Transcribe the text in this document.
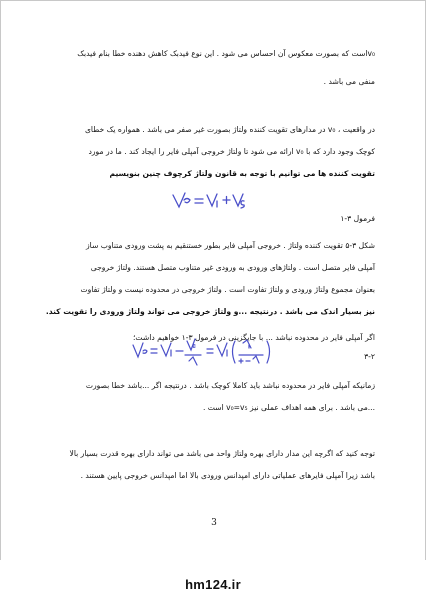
v₀است که بصورت معکوس آن احساس می شود . این نوع فیدبک کاهش دهنده خطا بنام فیدبک
منفی می باشد .
در واقعیت ، v₀ در مدارهای تقویت کننده ولتاژ بصورت غیر صفر می باشد . همواره یک خطای
کوچک وجود دارد که با v₀ ارائه می شود تا ولتاژ خروجی آمپلی فایر را ایجاد کند . ما در مورد
تقویت کننده ها می توانیم با توجه به قانون ولتاژ کرچوف چنین بنویسیم
فرمول ۳-۱
شکل ۳-۵ تقویت کننده ولتاژ . خروجی آمپلی فایر بطور خستنقیم به پشت ورودی متناوب ساز
آمپلی فایر متصل است . ولتاژهای ورودی به ورودی غیر متناوب متصل هستند. ولتاژ خروجی
بعنوان مجموع ولتاژ ورودی و ولتاژ تفاوت است . ولتاژ خروجی در محدوده نیست و ولتاژ تفاوت
نیز بسیار اندک می باشد . درنتیجه ...و ولتاژ خروجی می تواند ولتاژ ورودی را تقویت کند.
اگر آمپلی فایر در محدوده نباشد ... با جایگزینی در فرمول ۳-۱ خواهیم داشت؛
۳-۲
زمانیکه آمپلی فایر در محدوده نباشد باید کاملا کوچک باشد . درنتیجه اگر ...باشد خطا بصورت
...می باشد . برای همه اهداف عملی نیز v₀=v₅ است .
توجه کنید که اگرچه این مدار دارای بهره ولتاژ واحد می باشد می تواند دارای بهره قدرت بسیار بالا
باشد زیرا آمپلی فایرهای عملیاتی دارای امپدانس ورودی بالا اما امپدانس خروجی پایین هستند .
3
hm124.ir
